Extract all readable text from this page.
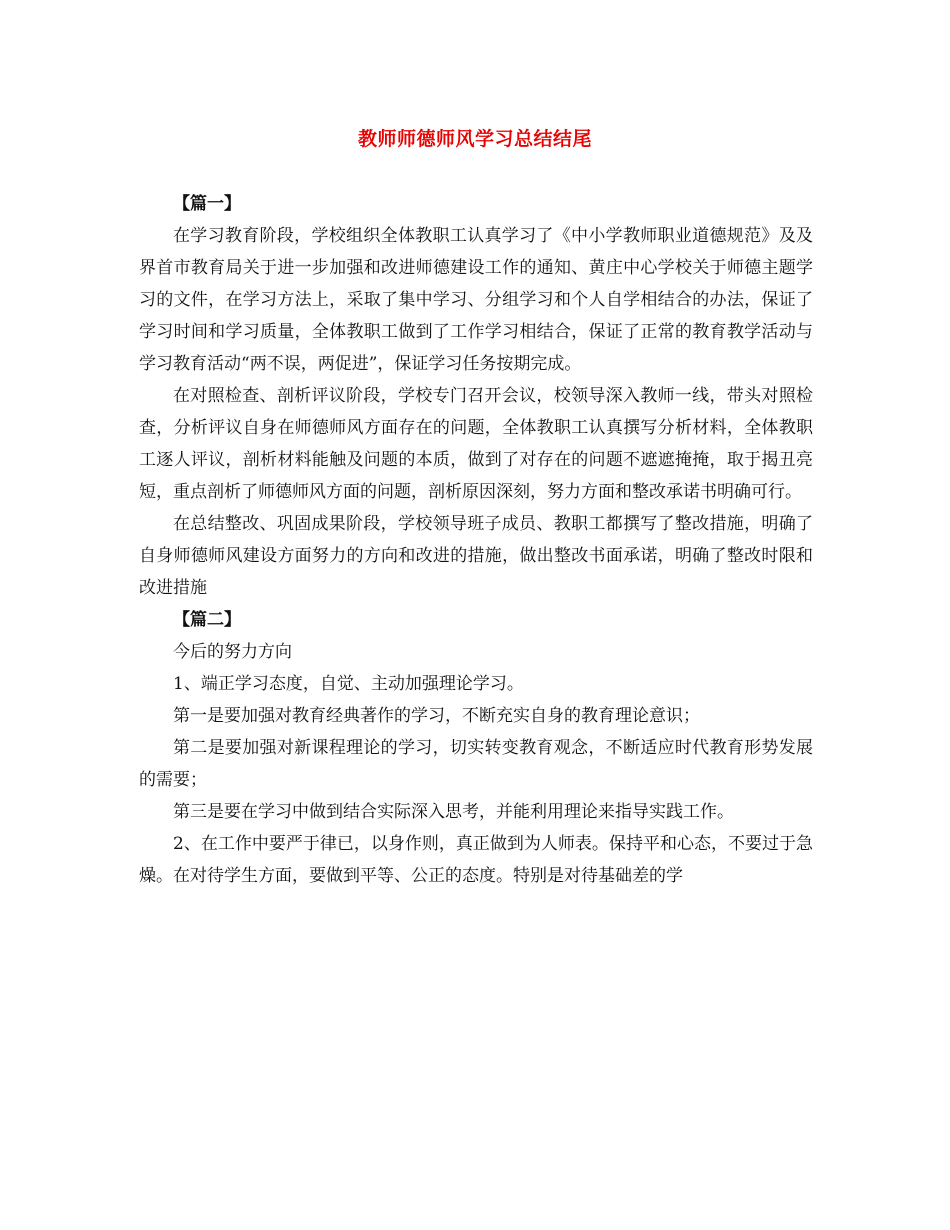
教师师德师风学习总结结尾

【篇一】

在学习教育阶段，学校组织全体教职工认真学习了《中小学教师职业道德规范》及及界首市教育局关于进一步加强和改进师德建设工作的通知、黄庄中心学校关于师德主题学习的文件，在学习方法上，采取了集中学习、分组学习和个人自学相结合的办法，保证了学习时间和学习质量，全体教职工做到了工作学习相结合，保证了正常的教育教学活动与学习教育活动“两不误，两促进”，保证学习任务按期完成。

在对照检查、剖析评议阶段，学校专门召开会议，校领导深入教师一线，带头对照检查，分析评议自身在师德师风方面存在的问题，全体教职工认真撰写分析材料，全体教职工逐人评议，剖析材料能触及问题的本质，做到了对存在的问题不遮遮掩掩，取于揭丑亮短，重点剖析了师德师风方面的问题，剖析原因深刻，努力方面和整改承诺书明确可行。

在总结整改、巩固成果阶段，学校领导班子成员、教职工都撰写了整改措施，明确了自身师德师风建设方面努力的方向和改进的措施，做出整改书面承诺，明确了整改时限和改进措施

【篇二】

今后的努力方向

1、端正学习态度，自觉、主动加强理论学习。

第一是要加强对教育经典著作的学习，不断充实自身的教育理论意识；

第二是要加强对新课程理论的学习，切实转变教育观念，不断适应时代教育形势发展的需要；

第三是要在学习中做到结合实际深入思考，并能利用理论来指导实践工作。

2、在工作中要严于律已，以身作则，真正做到为人师表。保持平和心态，不要过于急燥。在对待学生方面，要做到平等、公正的态度。特别是对待基础差的学
